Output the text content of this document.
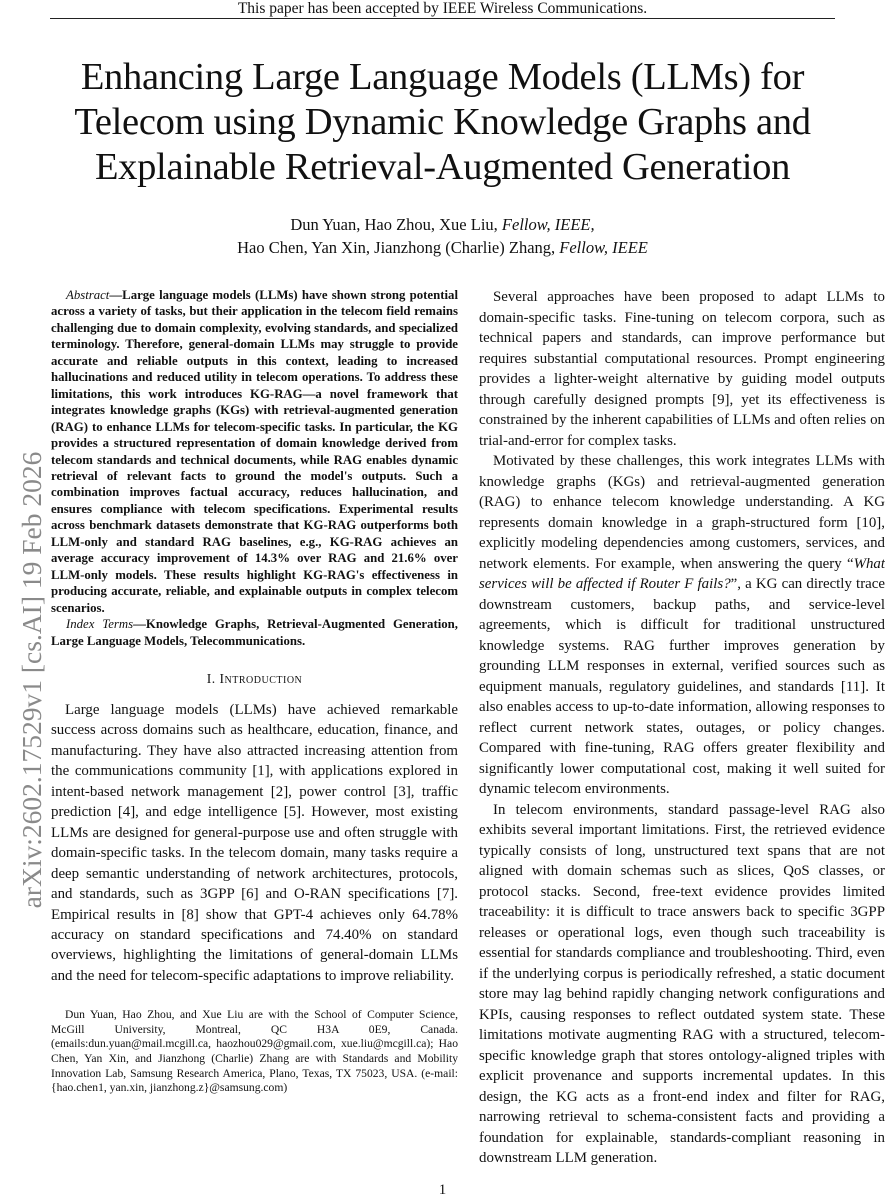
This paper has been accepted by IEEE Wireless Communications.
arXiv:2602.17529v1 [cs.AI] 19 Feb 2026
Enhancing Large Language Models (LLMs) for
Telecom using Dynamic Knowledge Graphs and
Explainable Retrieval-Augmented Generation
Dun Yuan, Hao Zhou, Xue Liu, Fellow, IEEE,
Hao Chen, Yan Xin, Jianzhong (Charlie) Zhang, Fellow, IEEE

Abstract—Large language models (LLMs) have shown strong potential across a variety of tasks, but their application in the telecom field remains challenging due to domain complexity, evolving standards, and specialized terminology. Therefore, general-domain LLMs may struggle to provide accurate and reliable outputs in this context, leading to increased hallucinations and reduced utility in telecom operations. To address these limitations, this work introduces KG-RAG—a novel framework that integrates knowledge graphs (KGs) with retrieval-augmented generation (RAG) to enhance LLMs for telecom-specific tasks. In particular, the KG provides a structured representation of domain knowledge derived from telecom standards and technical documents, while RAG enables dynamic retrieval of relevant facts to ground the model's outputs. Such a combination improves factual accuracy, reduces hallucination, and ensures compliance with telecom specifications. Experimental results across benchmark datasets demonstrate that KG-RAG outperforms both LLM-only and standard RAG baselines, e.g., KG-RAG achieves an average accuracy improvement of 14.3% over RAG and 21.6% over LLM-only models. These results highlight KG-RAG's effectiveness in producing accurate, reliable, and explainable outputs in complex telecom scenarios.

Index Terms—Knowledge Graphs, Retrieval-Augmented Generation, Large Language Models, Telecommunications.

I. Introduction

Large language models (LLMs) have achieved remarkable success across domains such as healthcare, education, finance, and manufacturing. They have also attracted increasing attention from the communications community [1], with applications explored in intent-based network management [2], power control [3], traffic prediction [4], and edge intelligence [5]. However, most existing LLMs are designed for general-purpose use and often struggle with domain-specific tasks. In the telecom domain, many tasks require a deep semantic understanding of network architectures, protocols, and standards, such as 3GPP [6] and O-RAN specifications [7]. Empirical results in [8] show that GPT-4 achieves only 64.78% accuracy on standard specifications and 74.40% on standard overviews, highlighting the limitations of general-domain LLMs and the need for telecom-specific adaptations to improve reliability.

Dun Yuan, Hao Zhou, and Xue Liu are with the School of Computer Science, McGill University, Montreal, QC H3A 0E9, Canada. (emails:dun.yuan@mail.mcgill.ca, haozhou029@gmail.com, xue.liu@mcgill.ca); Hao Chen, Yan Xin, and Jianzhong (Charlie) Zhang are with Standards and Mobility Innovation Lab, Samsung Research America, Plano, Texas, TX 75023, USA. (e-mail:{hao.chen1, yan.xin, jianzhong.z}@samsung.com)

Several approaches have been proposed to adapt LLMs to domain-specific tasks. Fine-tuning on telecom corpora, such as technical papers and standards, can improve performance but requires substantial computational resources. Prompt engineering provides a lighter-weight alternative by guiding model outputs through carefully designed prompts [9], yet its effectiveness is constrained by the inherent capabilities of LLMs and often relies on trial-and-error for complex tasks.

Motivated by these challenges, this work integrates LLMs with knowledge graphs (KGs) and retrieval-augmented generation (RAG) to enhance telecom knowledge understanding. A KG represents domain knowledge in a graph-structured form [10], explicitly modeling dependencies among customers, services, and network elements. For example, when answering the query “What services will be affected if Router F fails?”, a KG can directly trace downstream customers, backup paths, and service-level agreements, which is difficult for traditional unstructured knowledge systems. RAG further improves generation by grounding LLM responses in external, verified sources such as equipment manuals, regulatory guidelines, and standards [11]. It also enables access to up-to-date information, allowing responses to reflect current network states, outages, or policy changes. Compared with fine-tuning, RAG offers greater flexibility and significantly lower computational cost, making it well suited for dynamic telecom environments.

In telecom environments, standard passage-level RAG also exhibits several important limitations. First, the retrieved evidence typically consists of long, unstructured text spans that are not aligned with domain schemas such as slices, QoS classes, or protocol stacks. Second, free-text evidence provides limited traceability: it is difficult to trace answers back to specific 3GPP releases or operational logs, even though such traceability is essential for standards compliance and troubleshooting. Third, even if the underlying corpus is periodically refreshed, a static document store may lag behind rapidly changing network configurations and KPIs, causing responses to reflect outdated system state. These limitations motivate augmenting RAG with a structured, telecom-specific knowledge graph that stores ontology-aligned triples with explicit provenance and supports incremental updates. In this design, the KG acts as a front-end index and filter for RAG, narrowing retrieval to schema-consistent facts and providing a foundation for explainable, standards-compliant reasoning in downstream LLM generation.

1
